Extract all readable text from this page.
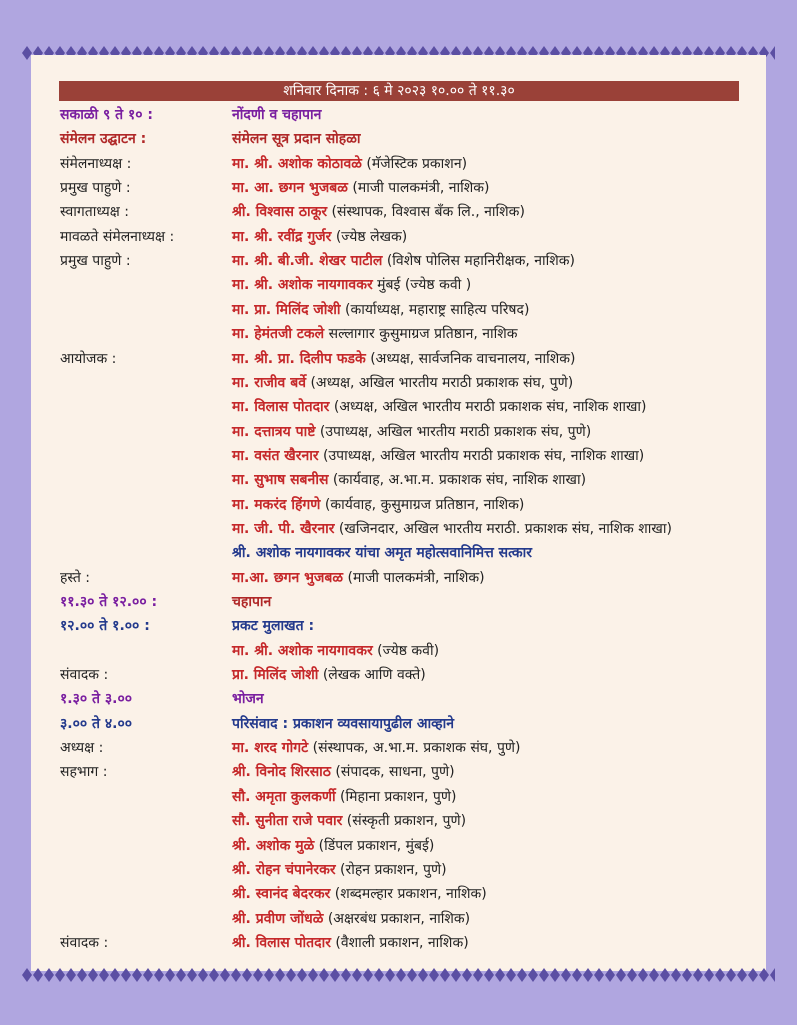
शनिवार दिनाक : ६ मे २०२३ १०.०० ते ११.३०
सकाळी ९ ते १० :	नोंदणी व चहापान
संमेलन उद्घाटन :	संमेलन सूत्र प्रदान सोहळा
संमेलनाध्यक्ष :	मा. श्री. अशोक कोठावळे (मॅजेस्टिक प्रकाशन)
प्रमुख पाहुणे :	मा. आ. छगन भुजबळ (माजी पालकमंत्री, नाशिक)
स्वागताध्यक्ष :	श्री. विश्वास ठाकूर (संस्थापक, विश्वास बँक लि., नाशिक)
मावळते संमेलनाध्यक्ष :	मा. श्री. रवींद्र गुर्जर (ज्येष्ठ लेखक)
प्रमुख पाहुणे :	मा. श्री. बी.जी. शेखर पाटील (विशेष पोलिस महानिरीक्षक, नाशिक)
मा. श्री. अशोक नायगावकर मुंबई (ज्येष्ठ कवी )
मा. प्रा. मिलिंद जोशी (कार्याध्यक्ष, महाराष्ट्र साहित्य परिषद)
मा. हेमंतजी टकले सल्लागार कुसुमाग्रज प्रतिष्ठान, नाशिक
आयोजक :	मा. श्री. प्रा. दिलीप फडके (अध्यक्ष, सार्वजनिक वाचनालय, नाशिक)
मा. राजीव बर्वे (अध्यक्ष, अखिल भारतीय मराठी प्रकाशक संघ, पुणे)
मा. विलास पोतदार (अध्यक्ष, अखिल भारतीय मराठी प्रकाशक संघ, नाशिक शाखा)
मा. दत्तात्रय पाष्टे (उपाध्यक्ष, अखिल भारतीय मराठी प्रकाशक संघ, पुणे)
मा. वसंत खैरनार (उपाध्यक्ष, अखिल भारतीय मराठी प्रकाशक संघ, नाशिक शाखा)
मा. सुभाष सबनीस (कार्यवाह, अ.भा.म. प्रकाशक संघ, नाशिक शाखा)
मा. मकरंद हिंगणे (कार्यवाह, कुसुमाग्रज प्रतिष्ठान, नाशिक)
मा. जी. पी. खैरनार (खजिनदार, अखिल भारतीय मराठी. प्रकाशक संघ, नाशिक शाखा)
श्री. अशोक नायगावकर यांचा अमृत महोत्सवानिमित्त सत्कार
हस्ते :	मा.आ. छगन भुजबळ (माजी पालकमंत्री, नाशिक)
११.३० ते १२.०० :	चहापान
१२.०० ते १.०० :	प्रकट मुलाखत :
मा. श्री. अशोक नायगावकर (ज्येष्ठ कवी)
संवादक :	प्रा. मिलिंद जोशी (लेखक आणि वक्ते)
१.३० ते ३.००	भोजन
३.०० ते ४.००	परिसंवाद : प्रकाशन व्यवसायापुढील आव्हाने
अध्यक्ष :	मा. शरद गोगटे (संस्थापक, अ.भा.म. प्रकाशक संघ, पुणे)
सहभाग :	श्री. विनोद शिरसाठ (संपादक, साधना, पुणे)
सौ. अमृता कुलकर्णी (मिहाना प्रकाशन, पुणे)
सौ. सुनीता राजे पवार (संस्कृती प्रकाशन, पुणे)
श्री. अशोक मुळे (डिंपल प्रकाशन, मुंबई)
श्री. रोहन चंपानेरकर (रोहन प्रकाशन, पुणे)
श्री. स्वानंद बेदरकर (शब्दमल्हार प्रकाशन, नाशिक)
श्री. प्रवीण जोंधळे (अक्षरबंध प्रकाशन, नाशिक)
संवादक :	श्री. विलास पोतदार (वैशाली प्रकाशन, नाशिक)
